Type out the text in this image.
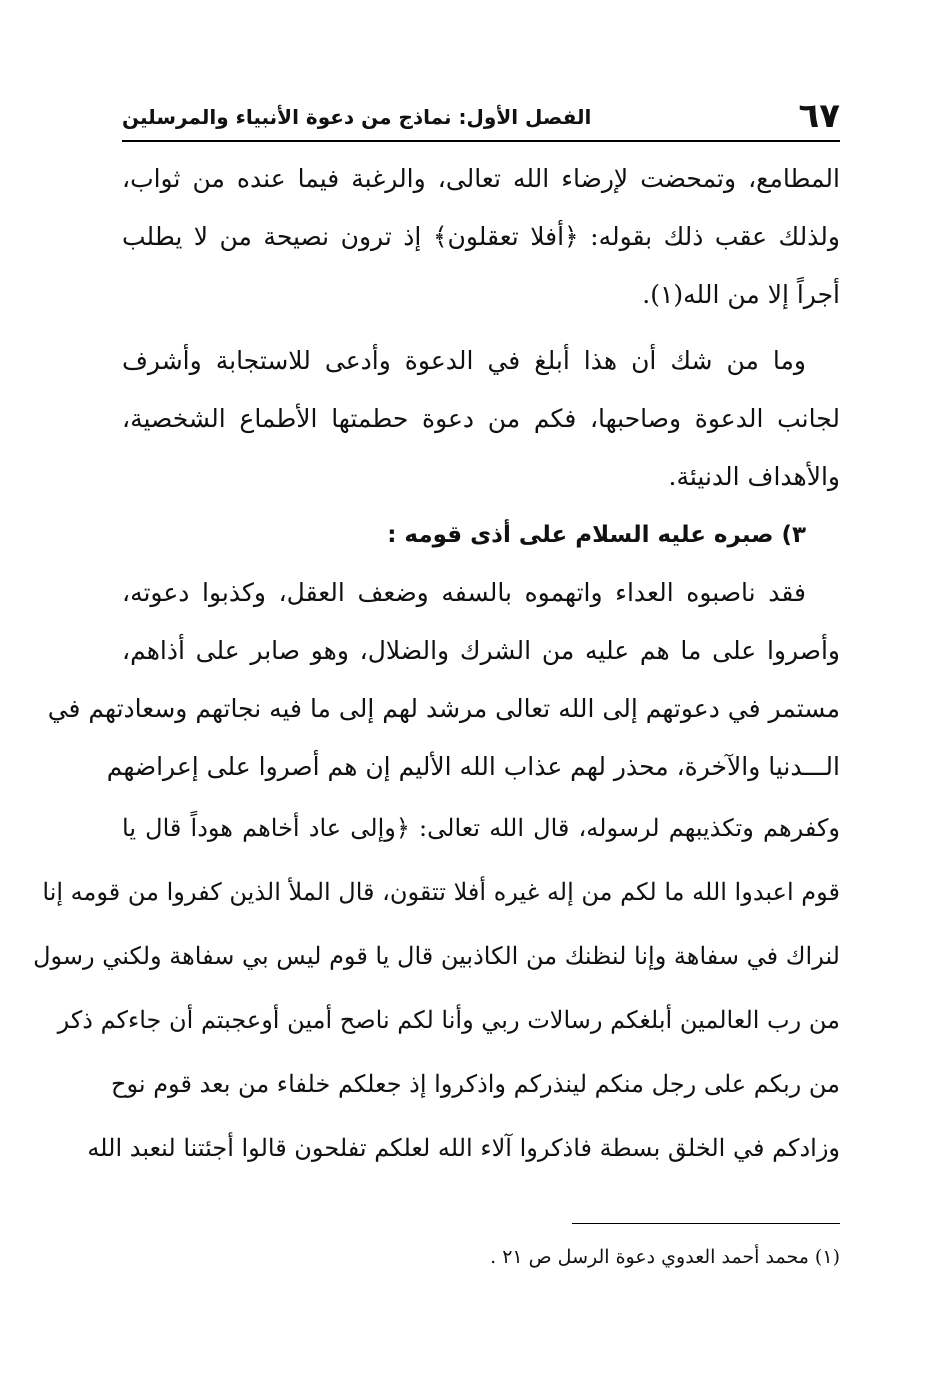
٦٧
الفصل الأول: نماذج من دعوة الأنبياء والمرسلين

المطامع، وتمحضت لإرضاء الله تعالى، والرغبة فيما عنده من ثواب،

ولذلك عقب ذلك بقوله: ﴿أفلا تعقلون﴾ إذ ترون نصيحة من لا يطلب

أجراً إلا من الله(١).

وما من شك أن هذا أبلغ في الدعوة وأدعى للاستجابة وأشرف

لجانب الدعوة وصاحبها، فكم من دعوة حطمتها الأطماع الشخصية،

والأهداف الدنيئة.

٣) صبره عليه السلام على أذى قومه :

فقد ناصبوه العداء واتهموه بالسفه وضعف العقل، وكذبوا دعوته،

وأصروا على ما هم عليه من الشرك والضلال، وهو صابر على أذاهم،

مستمر في دعوتهم إلى الله تعالى مرشد لهم إلى ما فيه نجاتهم وسعادتهم في

الـــدنيا والآخرة، محذر لهم عذاب الله الأليم إن هم أصروا على إعراضهم

وكفرهم وتكذيبهم لرسوله، قال الله تعالى: ﴿وإلى عاد أخاهم هوداً قال يا

قوم اعبدوا الله ما لكم من إله غيره أفلا تتقون، قال الملأ الذين كفروا من قومه إنا

لنراك في سفاهة وإنا لنظنك من الكاذبين قال يا قوم ليس بي سفاهة ولكني رسول

من رب العالمين أبلغكم رسالات ربي وأنا لكم ناصح أمين أوعجبتم أن جاءكم ذكر

من ربكم على رجل منكم لينذركم واذكروا إذ جعلكم خلفاء من بعد قوم نوح

وزادكم في الخلق بسطة فاذكروا آلاء الله لعلكم تفلحون قالوا أجئتنا لنعبد الله

(١) محمد أحمد العدوي دعوة الرسل ص ٢١ .
